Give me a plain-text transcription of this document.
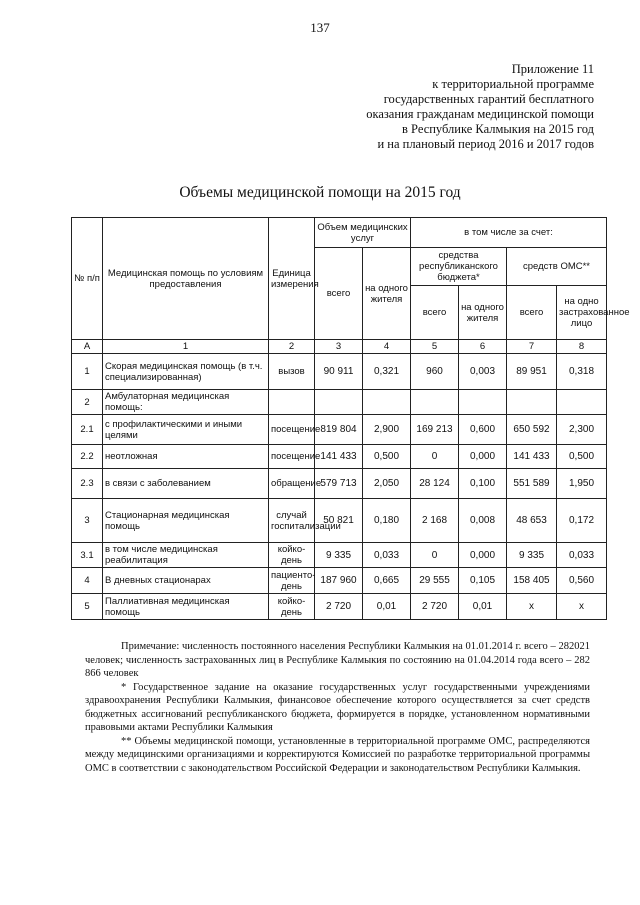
137
Приложение 11
к территориальной программе
государственных гарантий бесплатного
оказания гражданам медицинской помощи
в Республике Калмыкия на 2015 год
и на плановый период 2016 и 2017 годов
Объемы медицинской помощи на 2015 год
№ п/п	Медицинская помощь по условиям предоставления	Единица измерения	Объем медицинских услуг		в том числе за счет:			
			всего	на одного жителя	средства республиканского бюджета*		средств ОМС**	
					всего	на одного жителя	всего	на одно застрахованное лицо
А	1	2	3	4	5	6	7	8
1	Скорая медицинская помощь (в т.ч. специализированная)	вызов	90 911	0,321	960	0,003	89 951	0,318
2	Амбулаторная медицинская помощь:							
2.1	с профилактическими и иными целями	посещение	819 804	2,900	169 213	0,600	650 592	2,300
2.2	неотложная	посещение	141 433	0,500	0	0,000	141 433	0,500
2.3	в связи с заболеванием	обращение	579 713	2,050	28 124	0,100	551 589	1,950
3	Стационарная медицинская помощь	случай госпитализации	50 821	0,180	2 168	0,008	48 653	0,172
3.1	в том числе медицинская реабилитация	койко-день	9 335	0,033	0	0,000	9 335	0,033
4	В дневных стационарах	пациенто-день	187 960	0,665	29 555	0,105	158 405	0,560
5	Паллиативная медицинская помощь	койко-день	2 720	0,01	2 720	0,01	х	х

Примечание: численность постоянного населения Республики Калмыкия на 01.01.2014 г. всего – 282021 человек; численность застрахованных лиц в Республике Калмыкия по состоянию на 01.04.2014 года всего – 282 866 человек

* Государственное задание на оказание государственных услуг государственными учреждениями здравоохранения Республики Калмыкия, финансовое обеспечение которого осуществляется за счет средств бюджетных ассигнований республиканского бюджета, формируется в порядке, установленном нормативными правовыми актами Республики Калмыкия

** Объемы медицинской помощи, установленные в территориальной программе ОМС, распределяются между медицинскими организациями и корректируются Комиссией по разработке территориальной программы ОМС в соответствии с законодательством Российской Федерации и законодательством Республики Калмыкия.
